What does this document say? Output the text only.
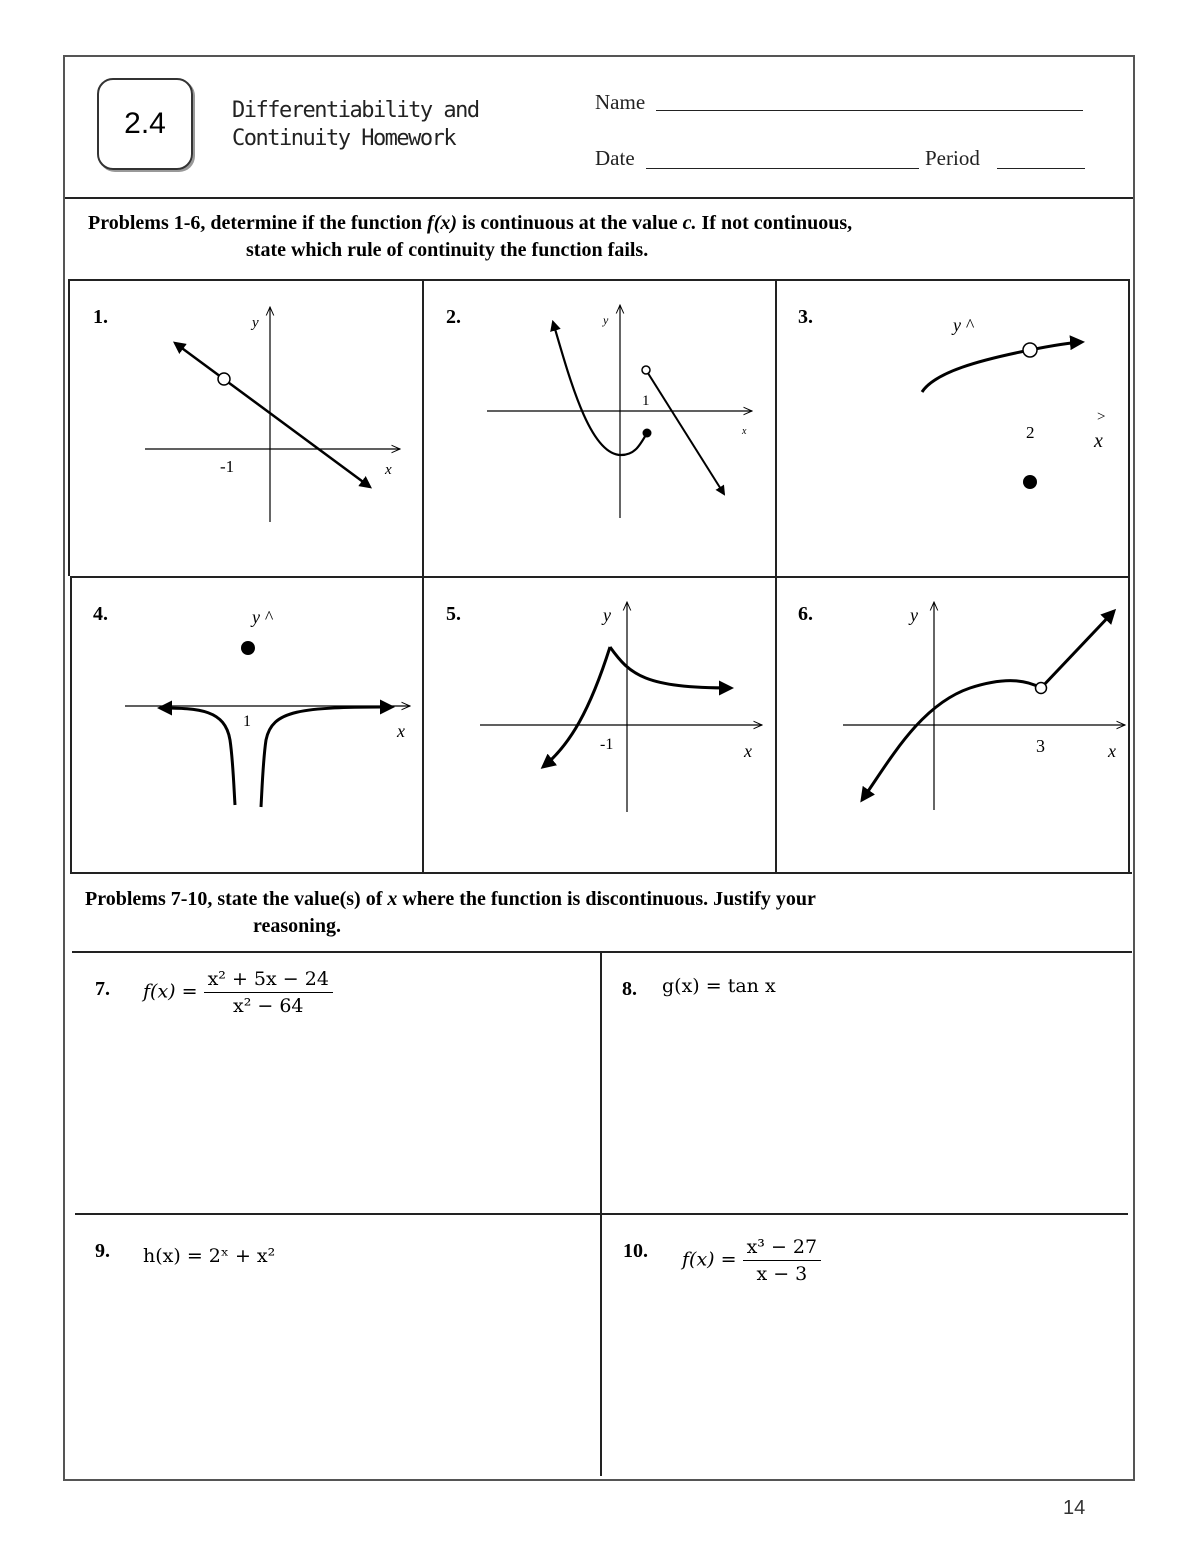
2.4	Differentiability and
Continuity Homework
Name
Date	Period
Problems 1-6, determine if the function f(x) is continuous at the value c. If not continuous,
state which rule of continuity the function fails.
1.	2.	3.
4.	5.	6.
y
x
-1
y
x
1
y ^
>
x
2
y ^
x
1
y
x
-1
y
x
3
Problems 7-10, state the value(s) of x where the function is discontinuous. Justify your
reasoning.
7. $f(x) = \frac{\text{x² + 5x − 24}}{\text{x² − 64}}$	8. g(x) = tan x
9. h(x) = 2ˣ + x²	10. $f(x) = \frac{\text{x³ − 27}}{x - 3}$
14
